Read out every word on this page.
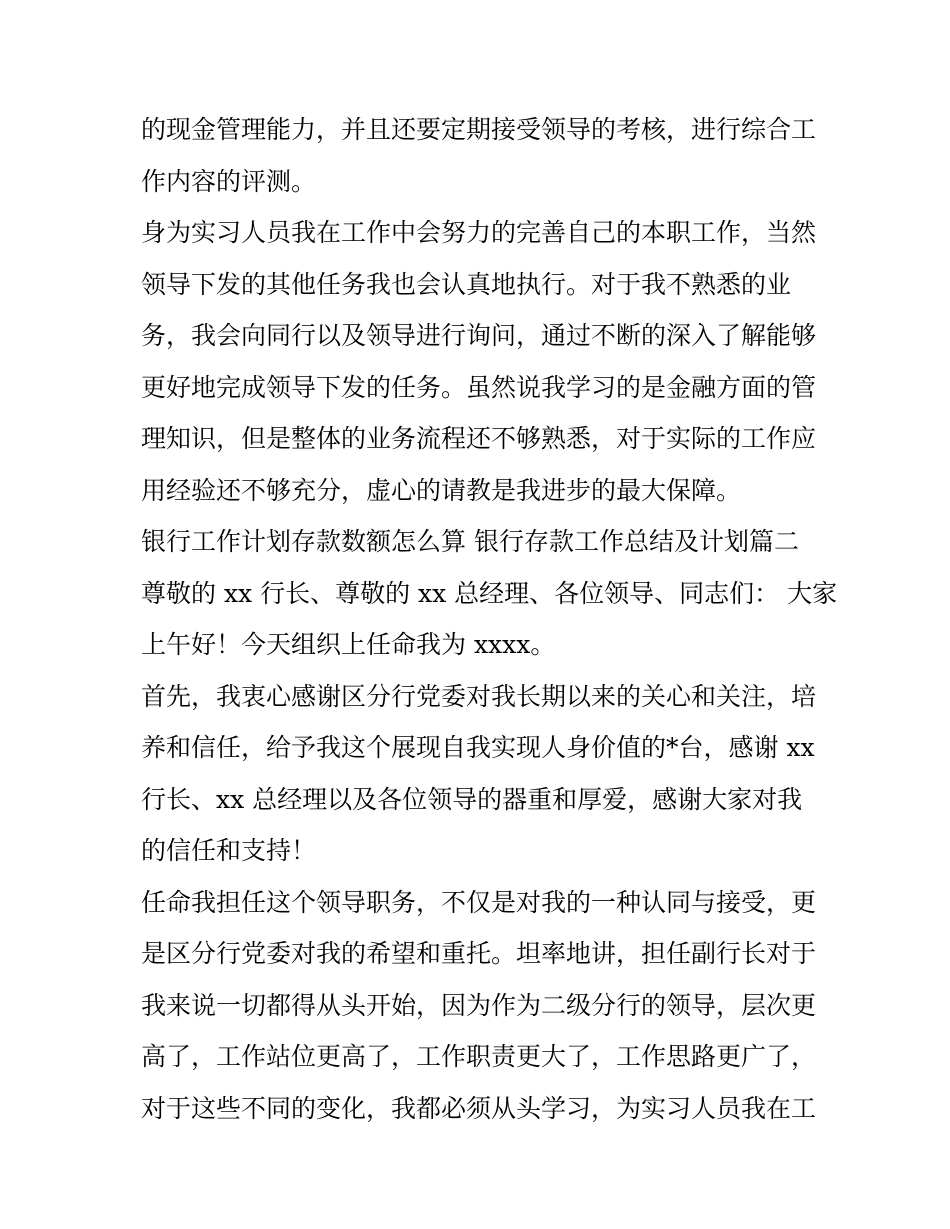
的现金管理能力，并且还要定期接受领导的考核，进行综合工
作内容的评测。
身为实习人员我在工作中会努力的完善自己的本职工作，当然
领导下发的其他任务我也会认真地执行。对于我不熟悉的业
务，我会向同行以及领导进行询问，通过不断的深入了解能够
更好地完成领导下发的任务。虽然说我学习的是金融方面的管
理知识，但是整体的业务流程还不够熟悉，对于实际的工作应
用经验还不够充分，虚心的请教是我进步的最大保障。
银行工作计划存款数额怎么算 银行存款工作总结及计划篇二
尊敬的 xx 行长、尊敬的 xx 总经理、各位领导、同志们： 大家
上午好！今天组织上任命我为 xxxx。
首先，我衷心感谢区分行党委对我长期以来的关心和关注，培
养和信任，给予我这个展现自我实现人身价值的*台，感谢 xx
行长、xx 总经理以及各位领导的器重和厚爱，感谢大家对我
的信任和支持！
任命我担任这个领导职务，不仅是对我的一种认同与接受，更
是区分行党委对我的希望和重托。坦率地讲，担任副行长对于
我来说一切都得从头开始，因为作为二级分行的领导，层次更
高了，工作站位更高了，工作职责更大了，工作思路更广了，
对于这些不同的变化，我都必须从头学习，为实习人员我在工
